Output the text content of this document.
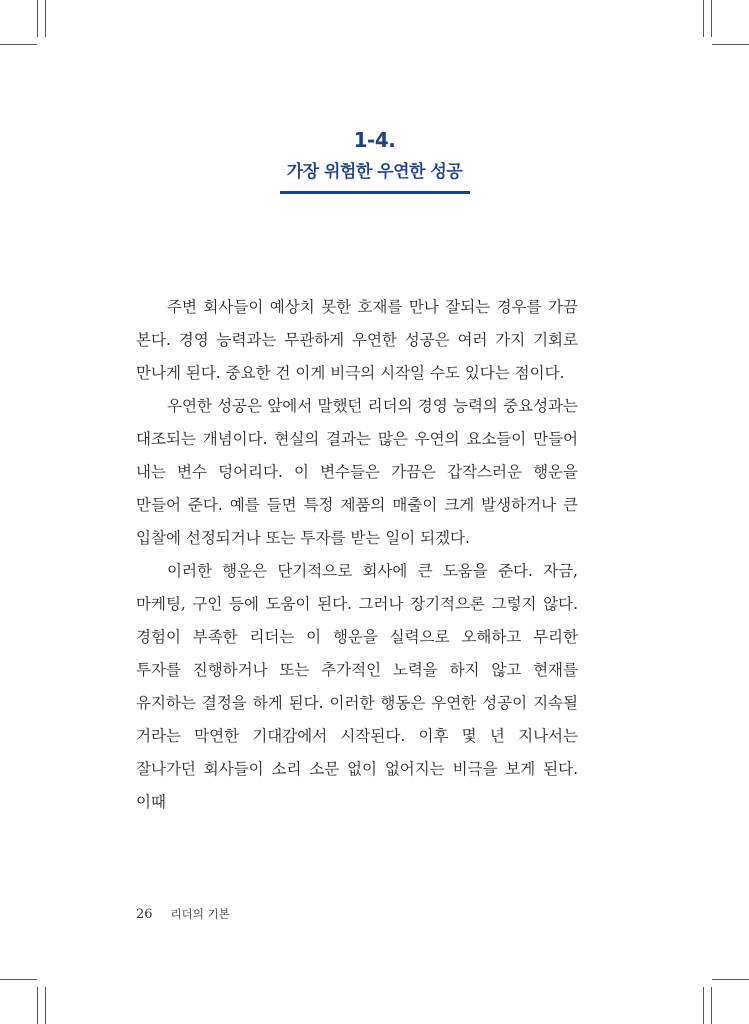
1-4.
가장 위험한 우연한 성공

주변 회사들이 예상치 못한 호재를 만나 잘되는 경우를 가끔 본다. 경영 능력과는 무관하게 우연한 성공은 여러 가지 기회로 만나게 된다. 중요한 건 이게 비극의 시작일 수도 있다는 점이다.

우연한 성공은 앞에서 말했던 리더의 경영 능력의 중요성과는 대조되는 개념이다. 현실의 결과는 많은 우연의 요소들이 만들어 내는 변수 덩어리다. 이 변수들은 가끔은 갑작스러운 행운을 만들어 준다. 예를 들면 특정 제품의 매출이 크게 발생하거나 큰 입찰에 선정되거나 또는 투자를 받는 일이 되겠다.

이러한 행운은 단기적으로 회사에 큰 도움을 준다. 자금, 마케팅, 구인 등에 도움이 된다. 그러나 장기적으론 그렇지 않다. 경험이 부족한 리더는 이 행운을 실력으로 오해하고 무리한 투자를 진행하거나 또는 추가적인 노력을 하지 않고 현재를 유지하는 결정을 하게 된다. 이러한 행동은 우연한 성공이 지속될 거라는 막연한 기대감에서 시작된다. 이후 몇 년 지나서는 잘나가던 회사들이 소리 소문 없이 없어지는 비극을 보게 된다. 이때

26 리더의 기본
